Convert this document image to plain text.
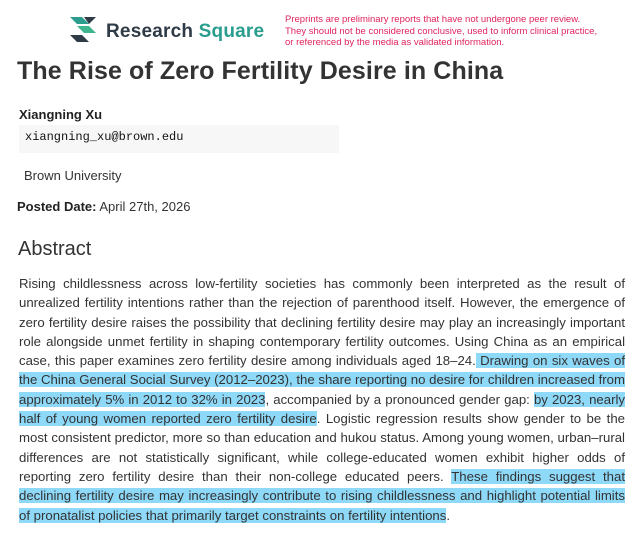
Research Square
Preprints are preliminary reports that have not undergone peer review.
They should not be considered conclusive, used to inform clinical practice,
or referenced by the media as validated information.
The Rise of Zero Fertility Desire in China
Xiangning Xu
xiangning_xu@brown.edu
Brown University
Posted Date: April 27th, 2026
Abstract

Rising childlessness across low-fertility societies has commonly been interpreted as the result of unrealized fertility intentions rather than the rejection of parenthood itself. However, the emergence of zero fertility desire raises the possibility that declining fertility desire may play an increasingly important role alongside unmet fertility in shaping contemporary fertility outcomes. Using China as an empirical case, this paper examines zero fertility desire among individuals aged 18–24. Drawing on six waves of the China General Social Survey (2012–2023), the share reporting no desire for children increased from approximately 5% in 2012 to 32% in 2023, accompanied by a pronounced gender gap: by 2023, nearly half of young women reported zero fertility desire. Logistic regression results show gender to be the most consistent predictor, more so than education and hukou status. Among young women, urban–rural differences are not statistically significant, while college-educated women exhibit higher odds of reporting zero fertility desire than their non-college educated peers. These findings suggest that declining fertility desire may increasingly contribute to rising childlessness and highlight potential limits of pronatalist policies that primarily target constraints on fertility intentions.
